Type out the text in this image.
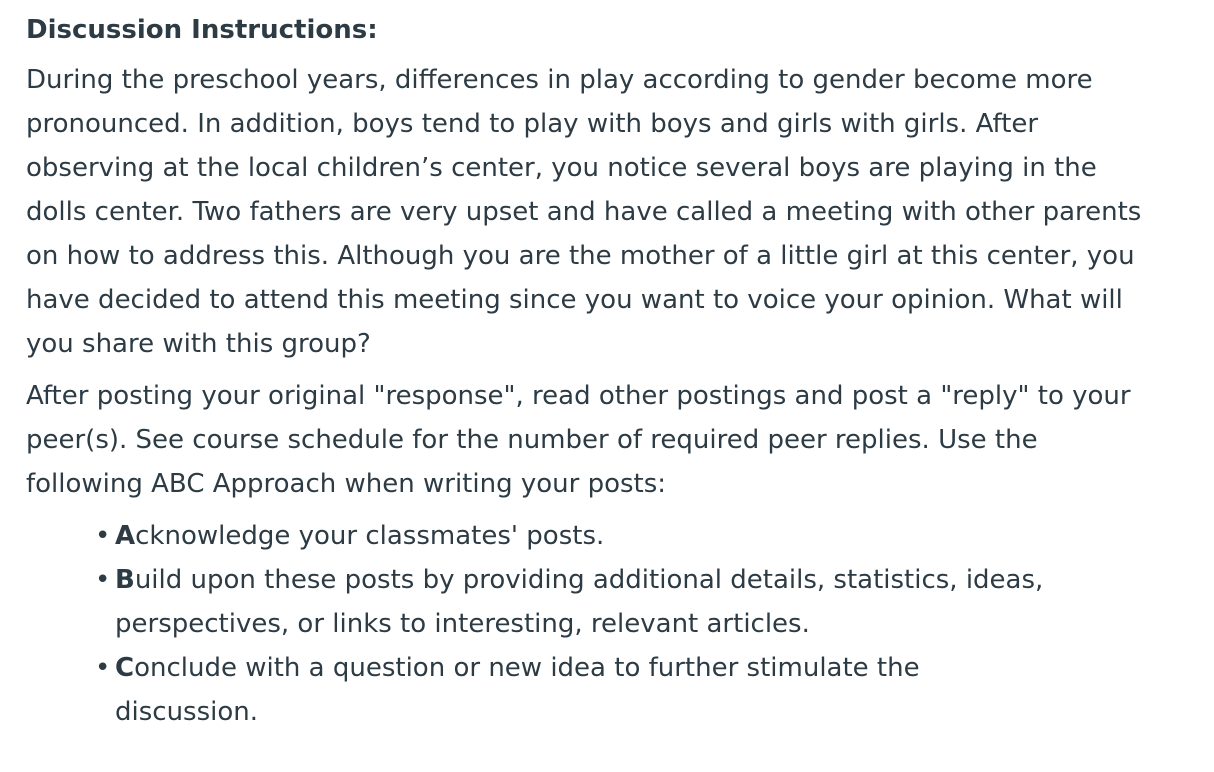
Discussion Instructions:

During the preschool years, differences in play according to gender become more pronounced. In addition, boys tend to play with boys and girls with girls. After observing at the local children’s center, you notice several boys are playing in the dolls center. Two fathers are very upset and have called a meeting with other parents on how to address this. Although you are the mother of a little girl at this center, you have decided to attend this meeting since you want to voice your opinion. What will you share with this group?

After posting your original "response", read other postings and post a "reply" to your peer(s). See course schedule for the number of required peer replies. Use the following ABC Approach when writing your posts:

• Acknowledge your classmates' posts.
• Build upon these posts by providing additional details, statistics, ideas, perspectives, or links to interesting, relevant articles.
• Conclude with a question or new idea to further stimulate the discussion.
